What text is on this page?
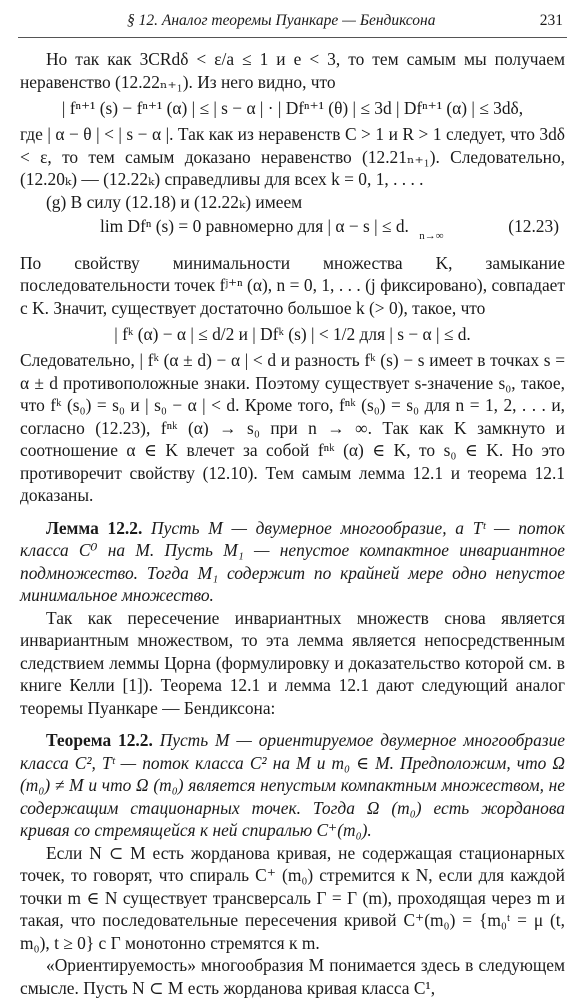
§ 12. Аналог теоремы Пуанкаре — Бендиксона	231

Но так как 3CRdδ < ε/a ≤ 1 и e < 3, то тем самым мы получаем неравенство (12.22ₙ₊₁). Из него видно, что

| fⁿ⁺¹ (s) − fⁿ⁺¹ (α) | ≤ | s − α | · | Dfⁿ⁺¹ (θ) | ≤ 3d | Dfⁿ⁺¹ (α) | ≤ 3dδ,

где | α − θ | < | s − α |. Так как из неравенств C > 1 и R > 1 следует, что 3dδ < ε, то тем самым доказано неравенство (12.21ₙ₊₁). Следовательно, (12.20ₖ) — (12.22ₖ) справедливы для всех k = 0, 1, . . . .

(g) В силу (12.18) и (12.22ₖ) имеем

lim Dfⁿ (s) = 0 равномерно для | α − s | ≤ d. $_{n\to\infty}$	(12.23)

По свойству минимальности множества K, замыкание последовательности точек fʲ⁺ⁿ (α), n = 0, 1, . . . (j фиксировано), совпадает с K. Значит, существует достаточно большое k (> 0), такое, что

| fᵏ (α) − α | ≤ d/2 и | Dfᵏ (s) | < 1/2 для | s − α | ≤ d.

Следовательно, | fᵏ (α ± d) − α | < d и разность fᵏ (s) − s имеет в точках s = α ± d противоположные знаки. Поэтому существует s-значение s₀, такое, что fᵏ (s₀) = s₀ и | s₀ − α | < d. Кроме того, fⁿᵏ (s₀) = s₀ для n = 1, 2, . . . и, согласно (12.23), fⁿᵏ (α) → s₀ при n → ∞. Так как K замкнуто и соотношение α ∈ K влечет за собой fⁿᵏ (α) ∈ K, то s₀ ∈ K. Но это противоречит свойству (12.10). Тем самым лемма 12.1 и теорема 12.1 доказаны.

Лемма 12.2. Пусть M — двумерное многообразие, а Tᵗ — поток класса C⁰ на M. Пусть M₁ — непустое компактное инвариантное подмножество. Тогда M₁ содержит по крайней мере одно непустое минимальное множество.

Так как пересечение инвариантных множеств снова является инвариантным множеством, то эта лемма является непосредственным следствием леммы Цорна (формулировку и доказательство которой см. в книге Келли [1]). Теорема 12.1 и лемма 12.1 дают следующий аналог теоремы Пуанкаре — Бендиксона:

Теорема 12.2. Пусть M — ориентируемое двумерное многообразие класса C², Tᵗ — поток класса C² на M и m₀ ∈ M. Предположим, что Ω (m₀) ≠ M и что Ω (m₀) является непустым компактным множеством, не содержащим стационарных точек. Тогда Ω (m₀) есть жорданова кривая со стремящейся к ней спиралью C⁺(m₀).

Если N ⊂ M есть жорданова кривая, не содержащая стационарных точек, то говорят, что спираль C⁺ (m₀) стремится к N, если для каждой точки m ∈ N существует трансверсаль Γ = Γ (m), проходящая через m и такая, что последовательные пересечения кривой C⁺(m₀) = {m₀ᵗ = μ (t, m₀), t ≥ 0} с Γ монотонно стремятся к m.

«Ориентируемость» многообразия M понимается здесь в следующем смысле. Пусть N ⊂ M есть жорданова кривая класса C¹,
